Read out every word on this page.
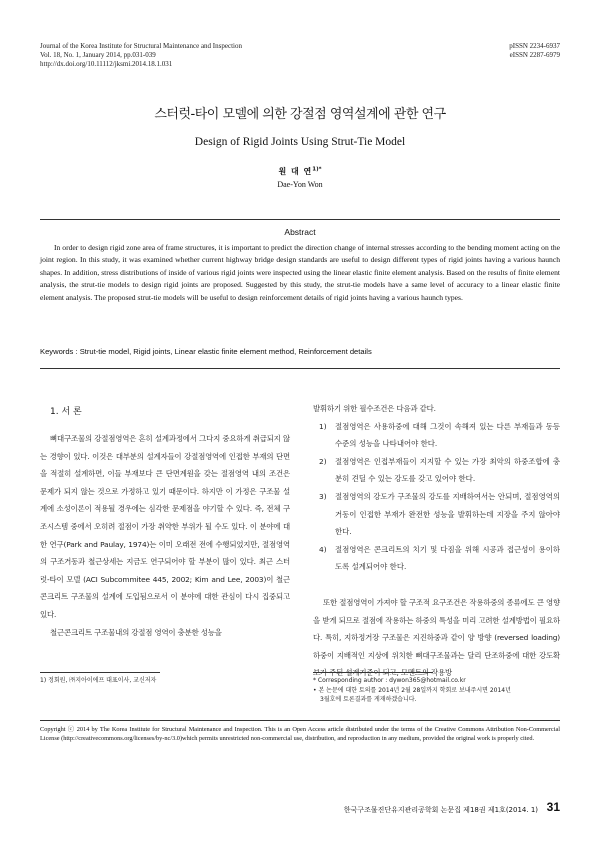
Journal of the Korea Institute for Structural Maintenance and Inspection
Vol. 18, No. 1, January 2014, pp.031-039
http://dx.doi.org/10.11112/jksmi.2014.18.1.031
pISSN 2234-6937
eISSN 2287-6979
스터럿-타이 모델에 의한 강절점 영역설계에 관한 연구
Design of Rigid Joints Using Strut-Tie Model
원 대 연$^{1)*}$
Dae-Yon Won
Abstract

In order to design rigid zone area of frame structures, it is important to predict the direction change of internal stresses according to the bending moment acting on the joint region. In this study, it was examined whether current highway bridge design standards are useful to design different types of rigid joints having a various haunch shapes. In addition, stress distributions of inside of various rigid joints were inspected using the linear elastic finite element analysis. Based on the results of finite element analysis, the strut-tie models to design rigid joints are proposed. Suggested by this study, the strut-tie models have a same level of accuracy to a linear elastic finite element analysis. The proposed strut-tie models will be useful to design reinforcement details of rigid joints having a various haunch types.

Keywords : Strut-tie model, Rigid joints, Linear elastic finite element method, Reinforcement details
1. 서 론

뼈대구조물의 강절점영역은 흔히 설계과정에서 그다지 중요하게 취급되지 않는 경향이 있다. 이것은 대부분의 설계자들이 강절점영역에 인접한 부재의 단면을 적절히 설계하면, 이들 부재보다 큰 단면계원을 갖는 절점영역 내의 조건은 문제가 되지 않는 것으로 가정하고 있기 때문이다. 하지만 이 가정은 구조물 설계에 소성이론이 적용될 경우에는 심각한 문제점을 야기할 수 있다. 즉, 전체 구조시스템 중에서 오히려 절점이 가장 취약한 부위가 될 수도 있다. 이 분야에 대한 연구(Park and Paulay, 1974)는 이미 오래전 전에 수행되었지만, 절점영역의 구조거동과 철근상세는 지금도 연구되어야 할 부분이 많이 있다. 최근 스터럿-타이 모델 (ACI Subcommitee 445, 2002; Kim and Lee, 2003)이 철근 콘크리트 구조물의 설계에 도입됨으로서 이 분야에 대한 관심이 다시 집중되고 있다.

철근콘크리트 구조물내의 강절점 영역이 충분한 성능을

발휘하기 위한 필수조건은 다음과 같다.

1)	절점영역은 사용하중에 대해 그것이 속해져 있는 다른 부재들과 동등수준의 성능을 나타내어야 한다.
2)	절점영역은 인접부재들이 지지할 수 있는 가장 최악의 하중조합에 충분히 견딜 수 있는 강도를 갖고 있어야 한다.
3)	절점영역의 강도가 구조물의 강도를 지배하여서는 안되며, 절점영역의 거동이 인접한 부재가 완전한 성능을 발휘하는데 지장을 주지 않아야 한다.
4)	절점영역은 콘크리트의 치기 및 다짐을 위해 시공과 접근성이 용이하도록 설계되어야 한다.

또한 절점영역이 가져야 할 구조적 요구조건은 작용하중의 종류에도 큰 영향을 받게 되므로 절점에 작용하는 하중의 특성을 미리 고려한 설계방법이 필요하다. 특히, 지하정거장 구조물은 지진하중과 같이 양 방향 (reversed loading) 하중이 지배적인 지상에 위치한 뼈대구조물과는 달리 단조하중에 대한 강도확보가 주된 설계기준이 되고, 모멘트의 작용방

1) 정회원, ㈜지아이에프 대표이사, 교신저자	* Corresponding author : dywon365@hotmail.co.kr
• 본 논문에 대한 토의를 2014년 2월 28일까지 학회로 보내주시면 2014년
3월호에 토론결과를 게재하겠습니다.
Copyright ⓒ 2014 by The Korea Institute for Structural Maintenance and Inspection. This is an Open Access article distributed under the terms of the Creative Commons Attribution Non-Commercial License (http://creativecommons.org/licenses/by-nc/3.0)which permits unrestricted non-commercial use, distribution, and reproduction in any medium, provided the original work is properly cited.
한국구조물진단유지관리공학회 논문집 제18권 제1호(2014. 1) 31
